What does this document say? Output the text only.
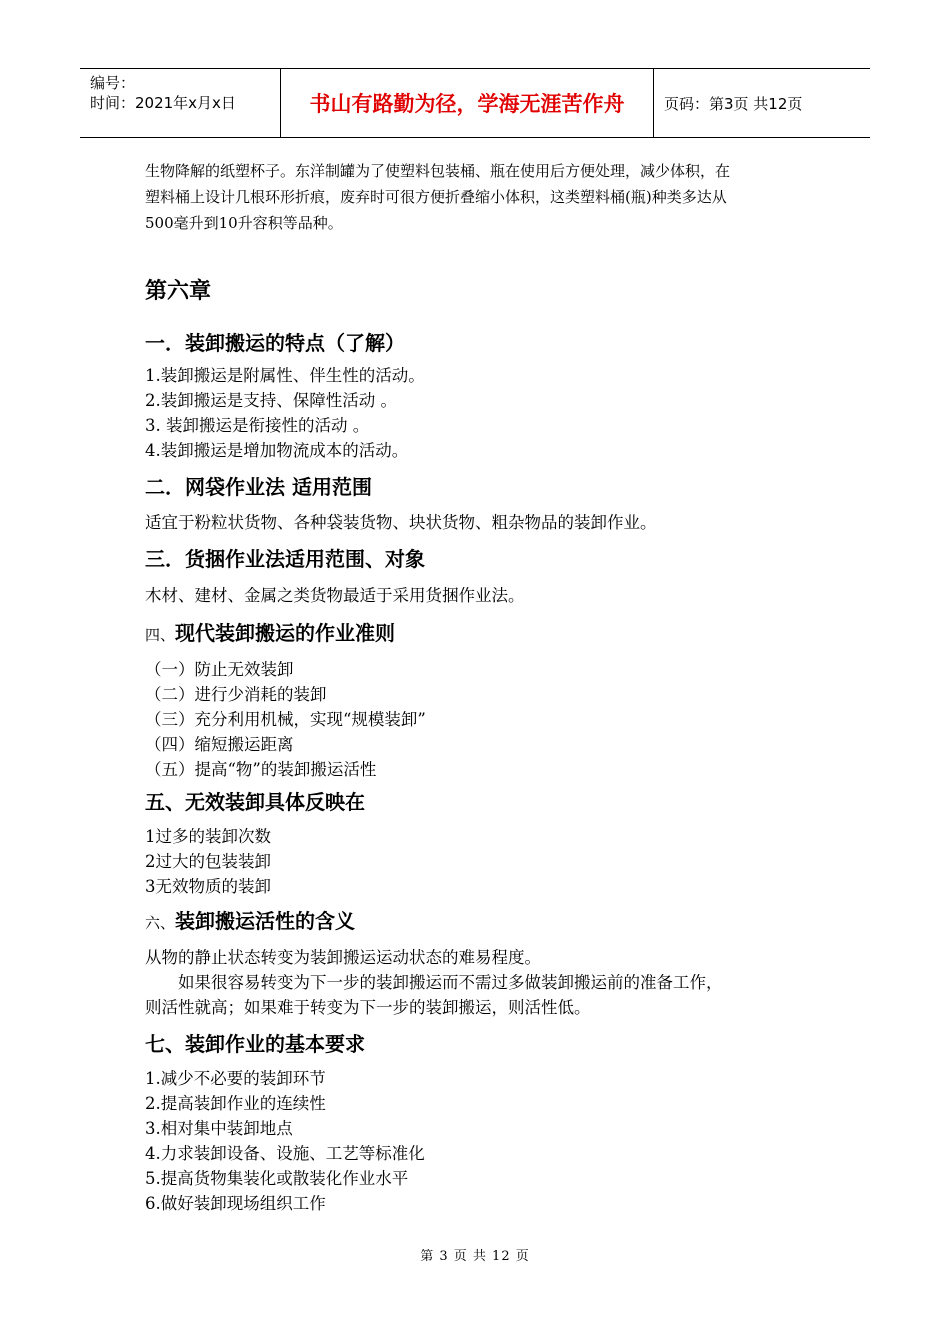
编号：
时间：2021年x月x日	书山有路勤为径，学海无涯苦作舟	页码：第3页 共12页

生物降解的纸塑杯子。东洋制罐为了使塑料包装桶、瓶在使用后方便处理，减少体积，在

塑料桶上设计几根环形折痕，废弃时可很方便折叠缩小体积，这类塑料桶(瓶)种类多达从

500毫升到10升容积等品种。

第六章
一．装卸搬运的特点（了解）

1.装卸搬运是附属性、伴生性的活动。

2.装卸搬运是支持、保障性活动 。

3. 装卸搬运是衔接性的活动 。

4.装卸搬运是增加物流成本的活动。

二．网袋作业法 适用范围

适宜于粉粒状货物、各种袋装货物、块状货物、粗杂物品的装卸作业。

三．货捆作业法适用范围、对象

木材、建材、金属之类货物最适于采用货捆作业法。

四、现代装卸搬运的作业准则

（一）防止无效装卸

（二）进行少消耗的装卸

（三）充分利用机械，实现“规模装卸”

（四）缩短搬运距离

（五）提高“物”的装卸搬运活性

五、无效装卸具体反映在

1过多的装卸次数

2过大的包装装卸

3无效物质的装卸

六、装卸搬运活性的含义

从物的静止状态转变为装卸搬运运动状态的难易程度。

如果很容易转变为下一步的装卸搬运而不需过多做装卸搬运前的准备工作，

则活性就高；如果难于转变为下一步的装卸搬运，则活性低。

七、装卸作业的基本要求

1.减少不必要的装卸环节

2.提高装卸作业的连续性

3.相对集中装卸地点

4.力求装卸设备、设施、工艺等标准化

5.提高货物集装化或散装化作业水平

6.做好装卸现场组织工作

第 3 页 共 12 页
